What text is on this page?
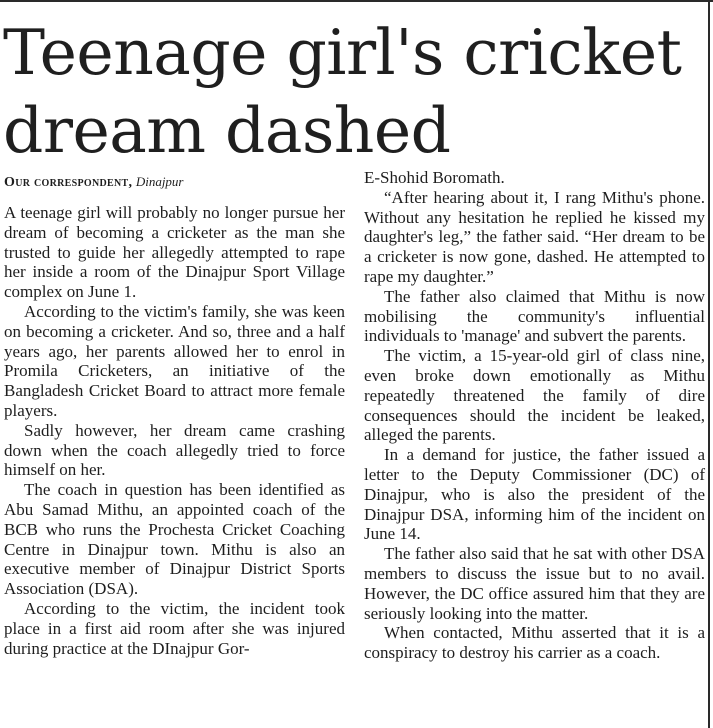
Teenage girl's cricket dream dashed
Our correspondent, Dinajpur

A teenage girl will probably no longer pursue her dream of becoming a cricketer as the man she trusted to guide her allegedly attempted to rape her inside a room of the Dinajpur Sport Village complex on June 1.

According to the victim's family, she was keen on becoming a cricketer. And so, three and a half years ago, her parents allowed her to enrol in Promila Cricketers, an initiative of the Bangladesh Cricket Board to attract more female players.

Sadly however, her dream came crashing down when the coach allegedly tried to force himself on her.

The coach in question has been identified as Abu Samad Mithu, an appointed coach of the BCB who runs the Prochesta Cricket Coaching Centre in Dinajpur town. Mithu is also an executive member of Dinajpur District Sports Association (DSA).

According to the victim, the incident took place in a first aid room after she was injured during practice at the DInajpur Gor-

E-Shohid Boromath.

“After hearing about it, I rang Mithu's phone. Without any hesitation he replied he kissed my daughter's leg,” the father said. “Her dream to be a cricketer is now gone, dashed. He attempted to rape my daughter.”

The father also claimed that Mithu is now mobilising the community's influential individuals to 'manage' and subvert the parents.

The victim, a 15-year-old girl of class nine, even broke down emotionally as Mithu repeatedly threatened the family of dire consequences should the incident be leaked, alleged the parents.

In a demand for justice, the father issued a letter to the Deputy Commissioner (DC) of Dinajpur, who is also the president of the Dinajpur DSA, informing him of the incident on June 14.

The father also said that he sat with other DSA members to discuss the issue but to no avail. However, the DC office assured him that they are seriously looking into the matter.

When contacted, Mithu asserted that it is a conspiracy to destroy his carrier as a coach.
